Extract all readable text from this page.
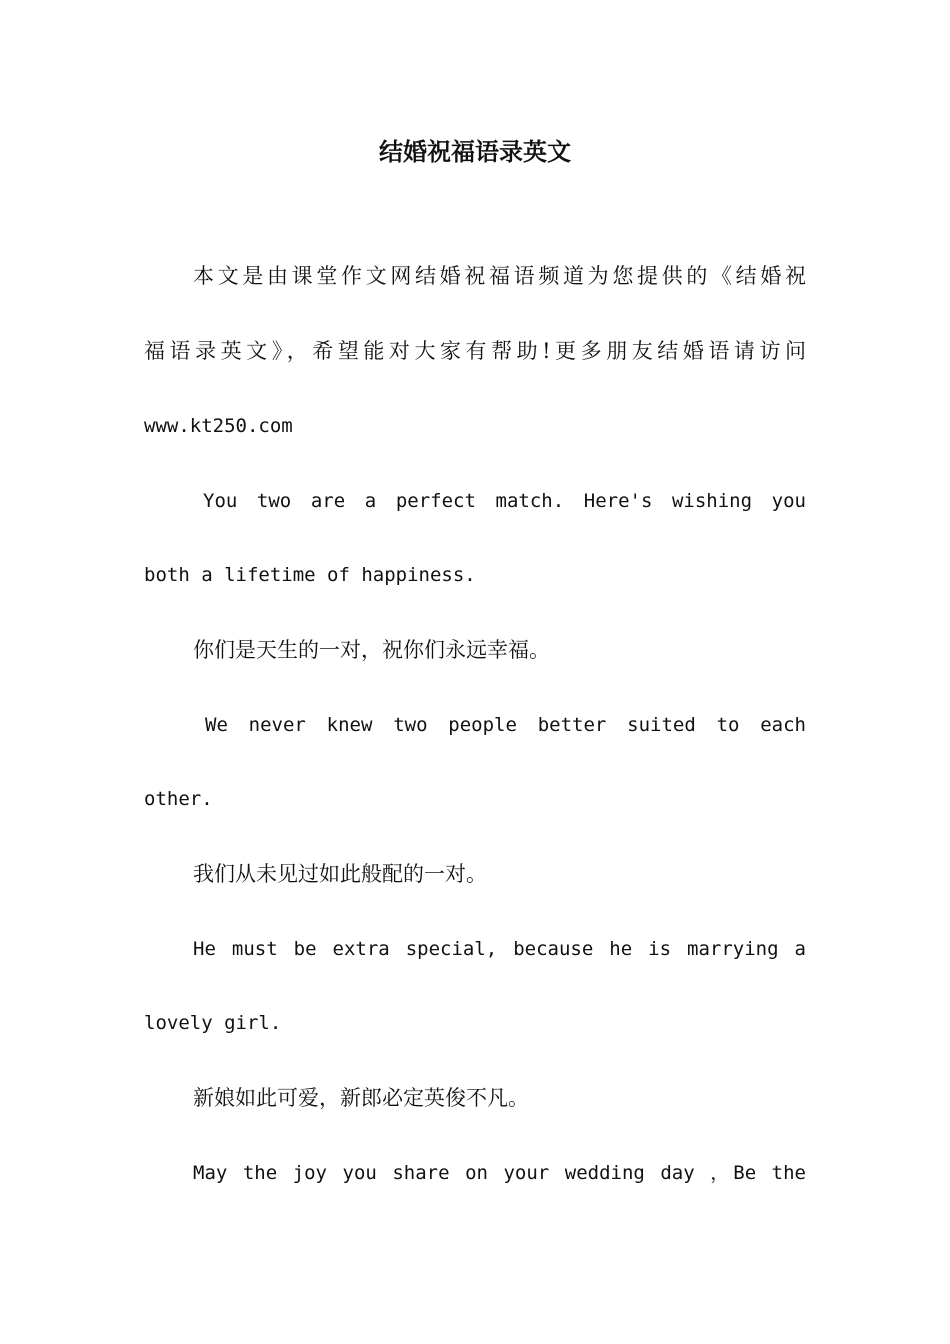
结婚祝福语录英文
本文是由课堂作文网结婚祝福语频道为您提供的《结婚祝
福语录英文》，希望能对大家有帮助!更多朋友结婚语请访问
www.kt250.com
You two are a perfect match. Here's wishing you
both a lifetime of happiness.
你们是天生的一对，祝你们永远幸福。
We never knew two people better suited to each
other.
我们从未见过如此般配的一对。
He must be extra special, because he is marrying a
lovely girl.
新娘如此可爱，新郎必定英俊不凡。
May the joy you share on your wedding day ，Be the
